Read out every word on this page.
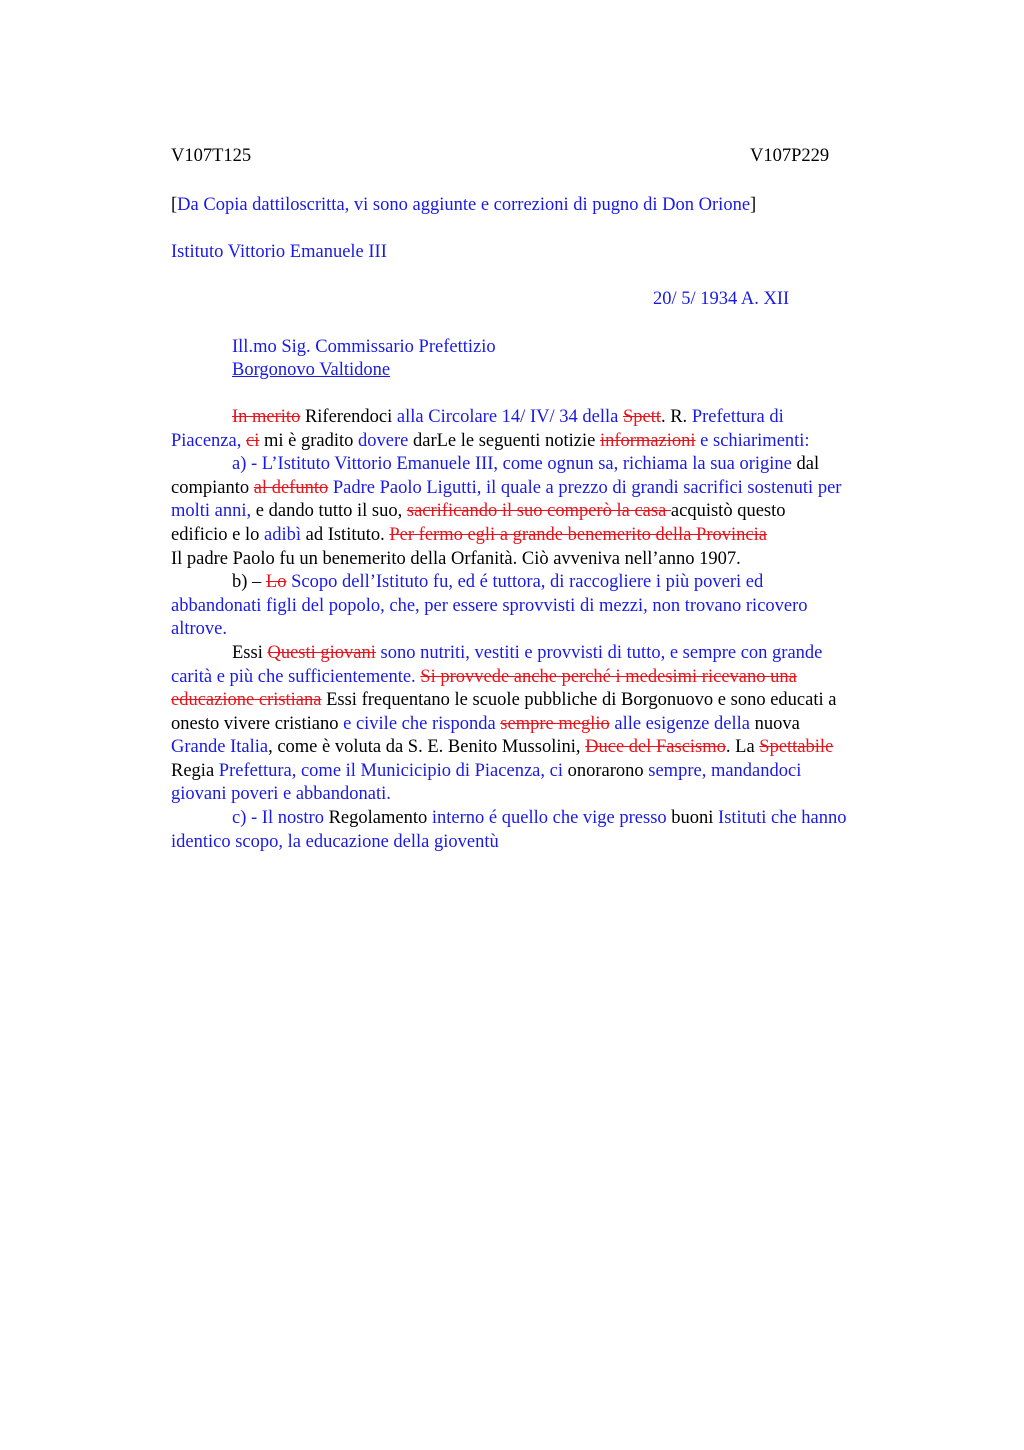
V107T125	V107P229
[Da Copia dattiloscritta, vi sono aggiunte e correzioni di pugno di Don Orione]
Istituto Vittorio Emanuele III
20/ 5/ 1934 A. XII
Ill.mo Sig. Commissario Prefettizio
Borgonovo Valtidone
In merito Riferendoci alla Circolare 14/ IV/ 34 della Spett. R. Prefettura di
Piacenza, ci mi è gradito dovere darLe le seguenti notizie informazioni e schiarimenti:
a) - L’Istituto Vittorio Emanuele III, come ognun sa, richiama la sua origine dal
compianto al defunto Padre Paolo Ligutti, il quale a prezzo di grandi sacrifici sostenuti per
molti anni, e dando tutto il suo, sacrificando il suo comperò la casa acquistò questo
edificio e lo adibì ad Istituto. Per fermo egli a grande benemerito della Provincia
Il padre Paolo fu un benemerito della Orfanità. Ciò avveniva nell’anno 1907.
b) – Lo Scopo dell’Istituto fu, ed é tuttora, di raccogliere i più poveri ed
abbandonati figli del popolo, che, per essere sprovvisti di mezzi, non trovano ricovero
altrove.
Essi Questi giovani sono nutriti, vestiti e provvisti di tutto, e sempre con grande
carità e più che sufficientemente. Si provvede anche perché i medesimi ricevano una
educazione cristiana Essi frequentano le scuole pubbliche di Borgonuovo e sono educati a
onesto vivere cristiano e civile che risponda sempre meglio alle esigenze della nuova
Grande Italia, come è voluta da S. E. Benito Mussolini, Duce del Fascismo. La Spettabile
Regia Prefettura, come il Municicipio di Piacenza, ci onorarono sempre, mandandoci
giovani poveri e abbandonati.
c) - Il nostro Regolamento interno é quello che vige presso buoni Istituti che hanno
identico scopo, la educazione della gioventù
